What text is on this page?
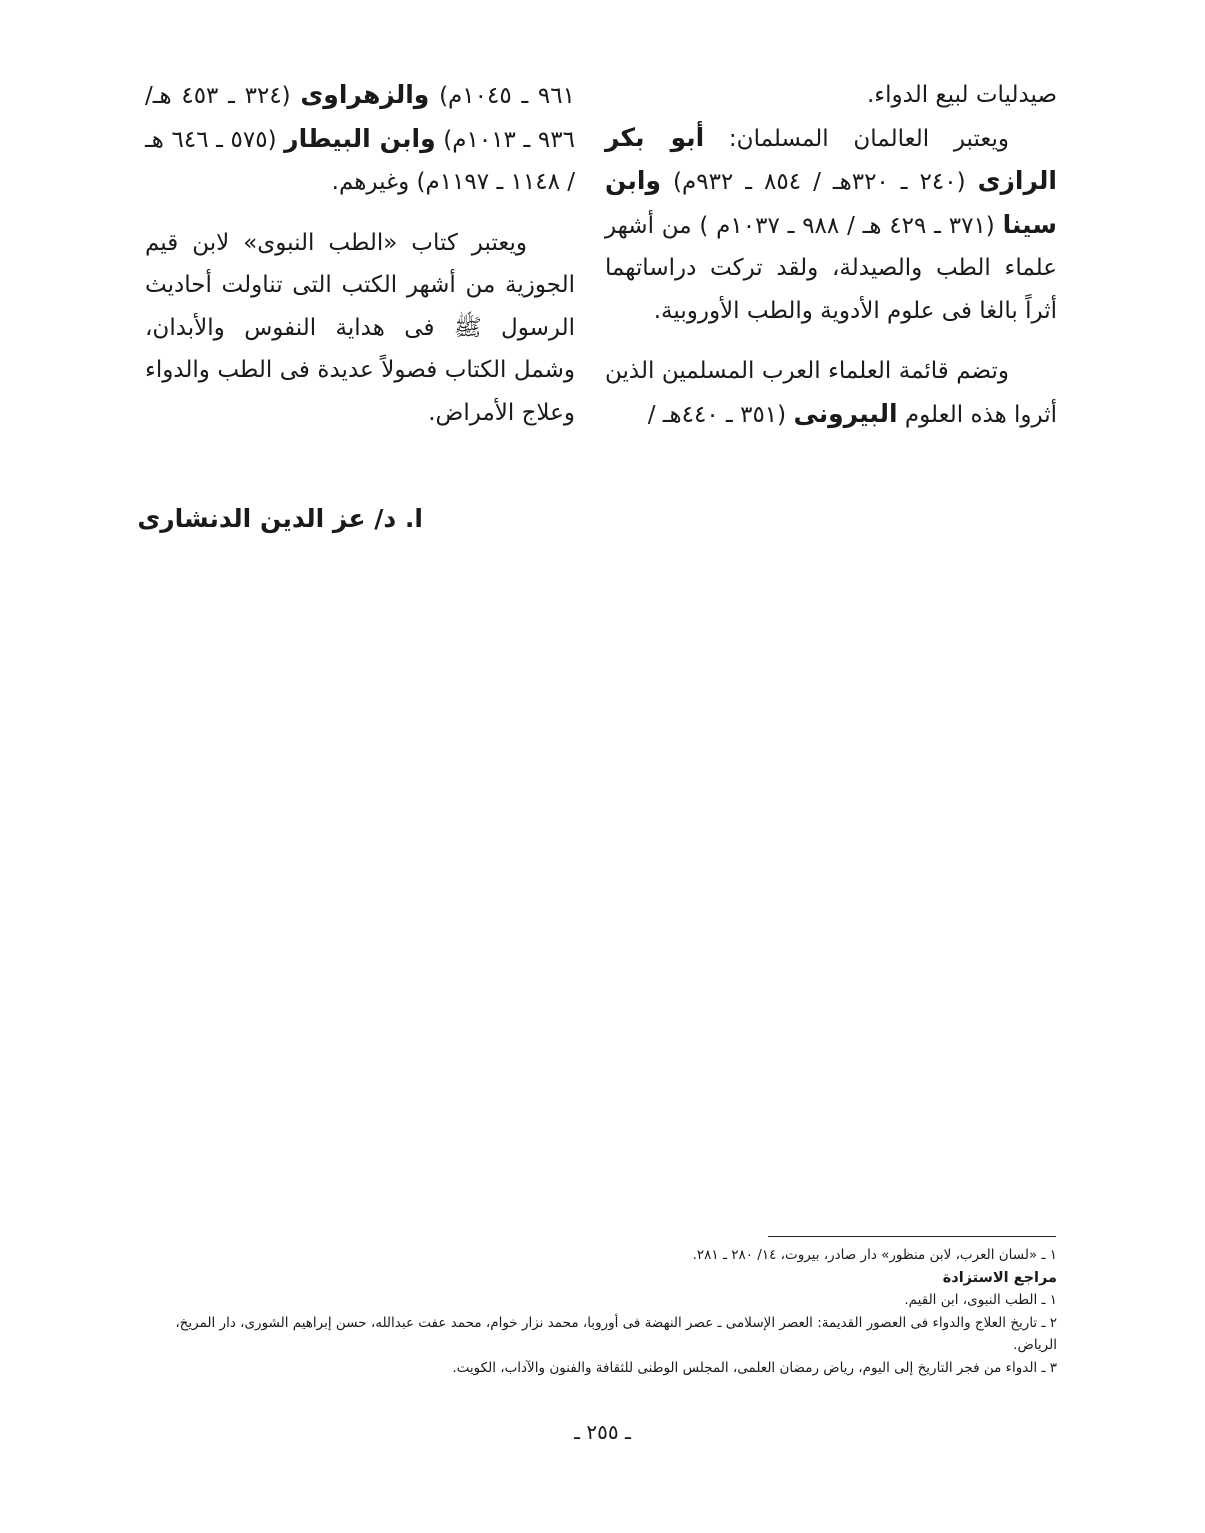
صيدليات لبيع الدواء.

ويعتبر العالمان المسلمان: أبو بكر الرازى (٢٤٠ ـ ٣٢٠هـ / ٨٥٤ ـ ٩٣٢م) وابن سينا (٣٧١ ـ ٤٢٩ هـ / ٩٨٨ ـ ١٠٣٧م ) من أشهر علماء الطب والصيدلة، ولقد تركت دراساتهما أثراً بالغا فى علوم الأدوية والطب الأوروبية.

وتضم قائمة العلماء العرب المسلمين الذين أثروا هذه العلوم البيرونى (٣٥١ ـ ٤٤٠هـ /

٩٦١ ـ ١٠٤٥م) والزهراوى (٣٢٤ ـ ٤٥٣ هـ/ ٩٣٦ ـ ١٠١٣م) وابن البيطار (٥٧٥ ـ ٦٤٦ هـ / ١١٤٨ ـ ١١٩٧م) وغيرهم.

ويعتبر كتاب «الطب النبوى» لابن قيم الجوزية من أشهر الكتب التى تناولت أحاديث الرسول ﷺ فى هداية النفوس والأبدان، وشمل الكتاب فصولاً عديدة فى الطب والدواء وعلاج الأمراض.

ا. د/ عز الدين الدنشارى

١ ـ «لسان العرب، لابن منظور» دار صادر، بيروت، ١٤/ ٢٨٠ ـ ٢٨١.

مراجع الاستزادة

١ ـ الطب النبوى، ابن القيم.

٢ ـ تاريخ العلاج والدواء فى العصور القديمة: العصر الإسلامى ـ عصر النهضة فى أوروبا، محمد نزار خوام، محمد عفت عبدالله، حسن إبراهيم الشورى، دار المريخ، الرياض.

٣ ـ الدواء من فجر التاريخ إلى اليوم، رياض رمضان العلمى، المجلس الوطنى للثقافة والفنون والآداب، الكويت.

ـ ٢٥٥ ـ
